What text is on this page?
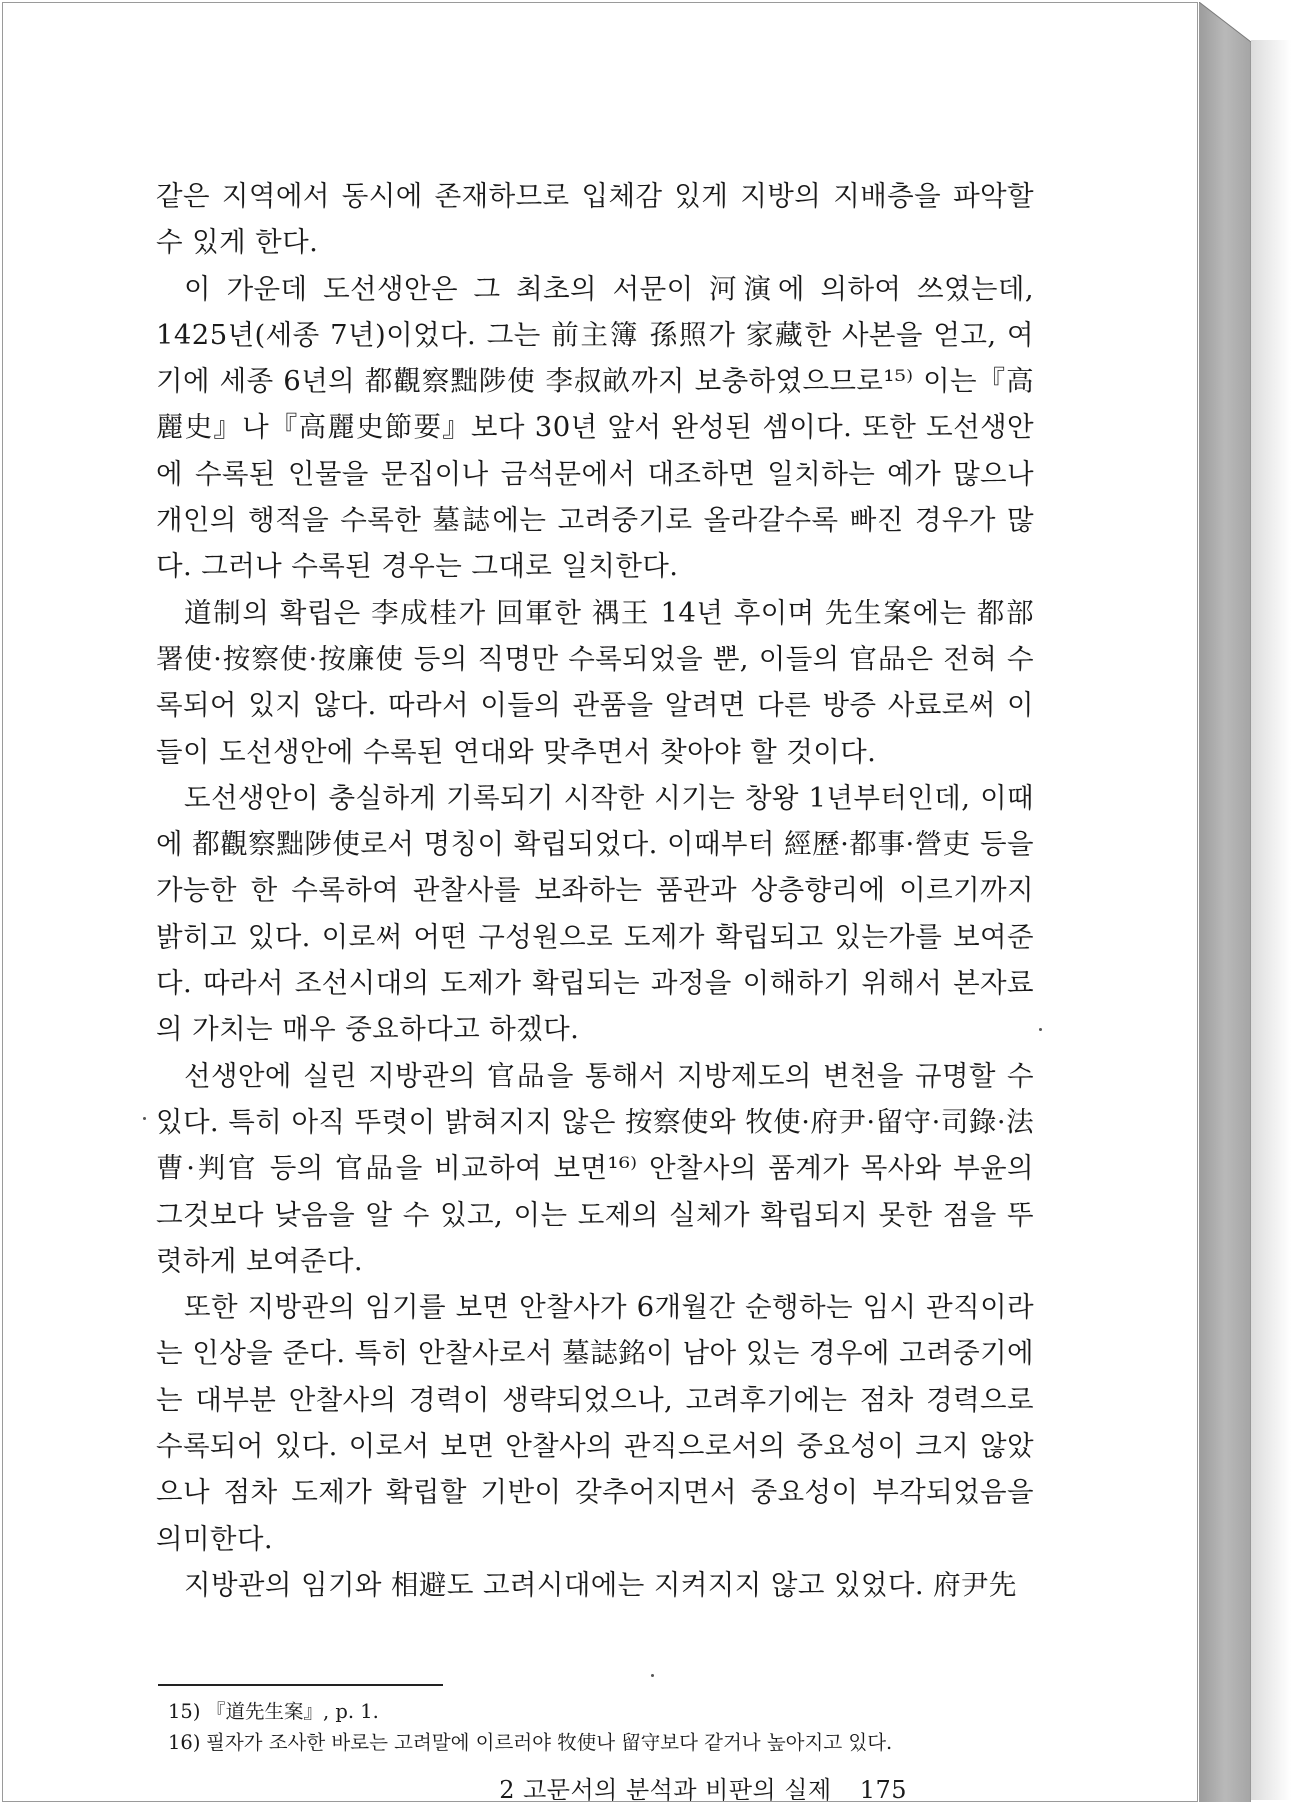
같은 지역에서 동시에 존재하므로 입체감 있게 지방의 지배층을 파악할 수 있게 한다.

이 가운데 도선생안은 그 최초의 서문이 河演에 의하여 쓰였는데, 1425년(세종 7년)이었다. 그는 前主簿 孫照가 家藏한 사본을 얻고, 여기에 세종 6년의 都觀察黜陟使 李叔畝까지 보충하였으므로¹⁵⁾ 이는『高麗史』나『高麗史節要』보다 30년 앞서 완성된 셈이다. 또한 도선생안에 수록된 인물을 문집이나 금석문에서 대조하면 일치하는 예가 많으나 개인의 행적을 수록한 墓誌에는 고려중기로 올라갈수록 빠진 경우가 많다. 그러나 수록된 경우는 그대로 일치한다.

道制의 확립은 李成桂가 回軍한 禑王 14년 후이며 先生案에는 都部署使·按察使·按廉使 등의 직명만 수록되었을 뿐, 이들의 官品은 전혀 수록되어 있지 않다. 따라서 이들의 관품을 알려면 다른 방증 사료로써 이들이 도선생안에 수록된 연대와 맞추면서 찾아야 할 것이다.

도선생안이 충실하게 기록되기 시작한 시기는 창왕 1년부터인데, 이때에 都觀察黜陟使로서 명칭이 확립되었다. 이때부터 經歷·都事·營吏 등을 가능한 한 수록하여 관찰사를 보좌하는 품관과 상층향리에 이르기까지 밝히고 있다. 이로써 어떤 구성원으로 도제가 확립되고 있는가를 보여준다. 따라서 조선시대의 도제가 확립되는 과정을 이해하기 위해서 본자료의 가치는 매우 중요하다고 하겠다.

선생안에 실린 지방관의 官品을 통해서 지방제도의 변천을 규명할 수 있다. 특히 아직 뚜렷이 밝혀지지 않은 按察使와 牧使·府尹·留守·司錄·法曹·判官 등의 官品을 비교하여 보면¹⁶⁾ 안찰사의 품계가 목사와 부윤의 그것보다 낮음을 알 수 있고, 이는 도제의 실체가 확립되지 못한 점을 뚜렷하게 보여준다.

또한 지방관의 임기를 보면 안찰사가 6개월간 순행하는 임시 관직이라는 인상을 준다. 특히 안찰사로서 墓誌銘이 남아 있는 경우에 고려중기에는 대부분 안찰사의 경력이 생략되었으나, 고려후기에는 점차 경력으로 수록되어 있다. 이로서 보면 안찰사의 관직으로서의 중요성이 크지 않았으나 점차 도제가 확립할 기반이 갖추어지면서 중요성이 부각되었음을 의미한다.

지방관의 임기와 相避도 고려시대에는 지켜지지 않고 있었다. 府尹先

15) 『道先生案』, p. 1.

16) 필자가 조사한 바로는 고려말에 이르러야 牧使나 留守보다 같거나 높아지고 있다.

2 고문서의 분석과 비판의 실제 175
